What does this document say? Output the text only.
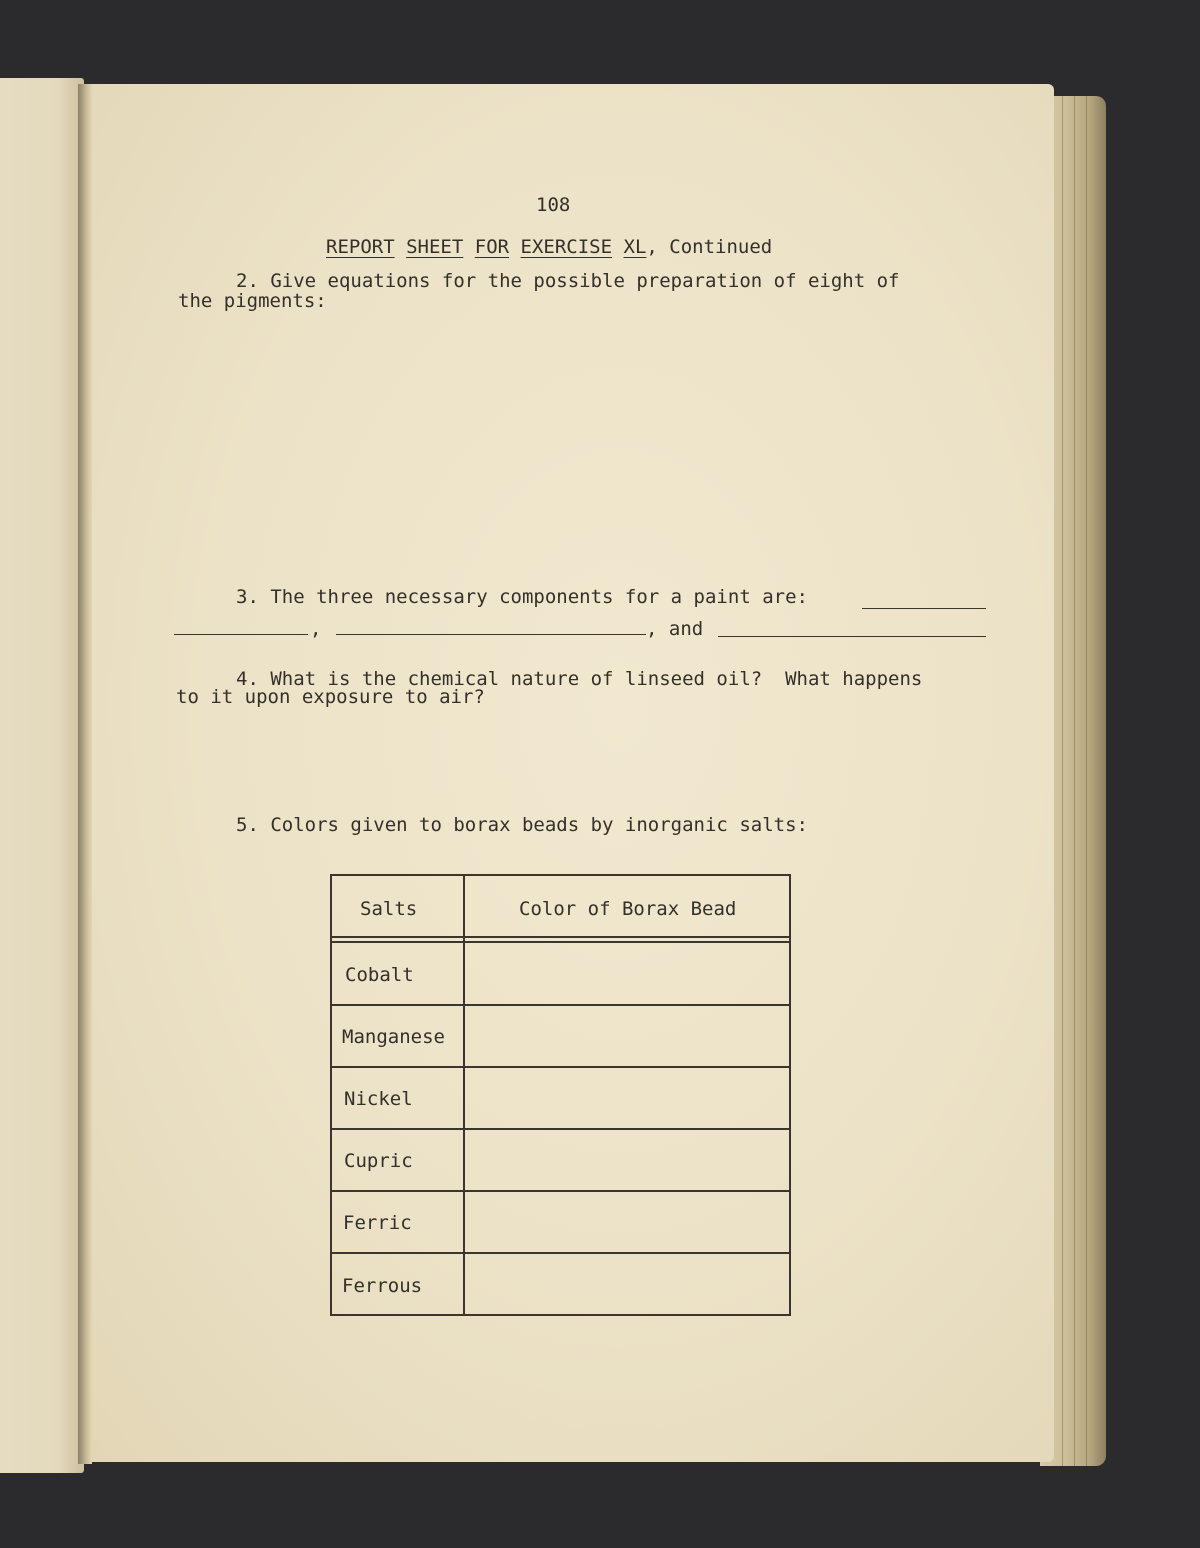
108
REPORT SHEET FOR EXERCISE XL, Continued
2. Give equations for the possible preparation of eight of
the pigments:
3. The three necessary components for a paint are:
,	, and
4. What is the chemical nature of linseed oil?  What happens
to it upon exposure to air?
5. Colors given to borax beads by inorganic salts:
Salts	Color of Borax Bead
Cobalt
Manganese
Nickel
Cupric
Ferric
Ferrous
